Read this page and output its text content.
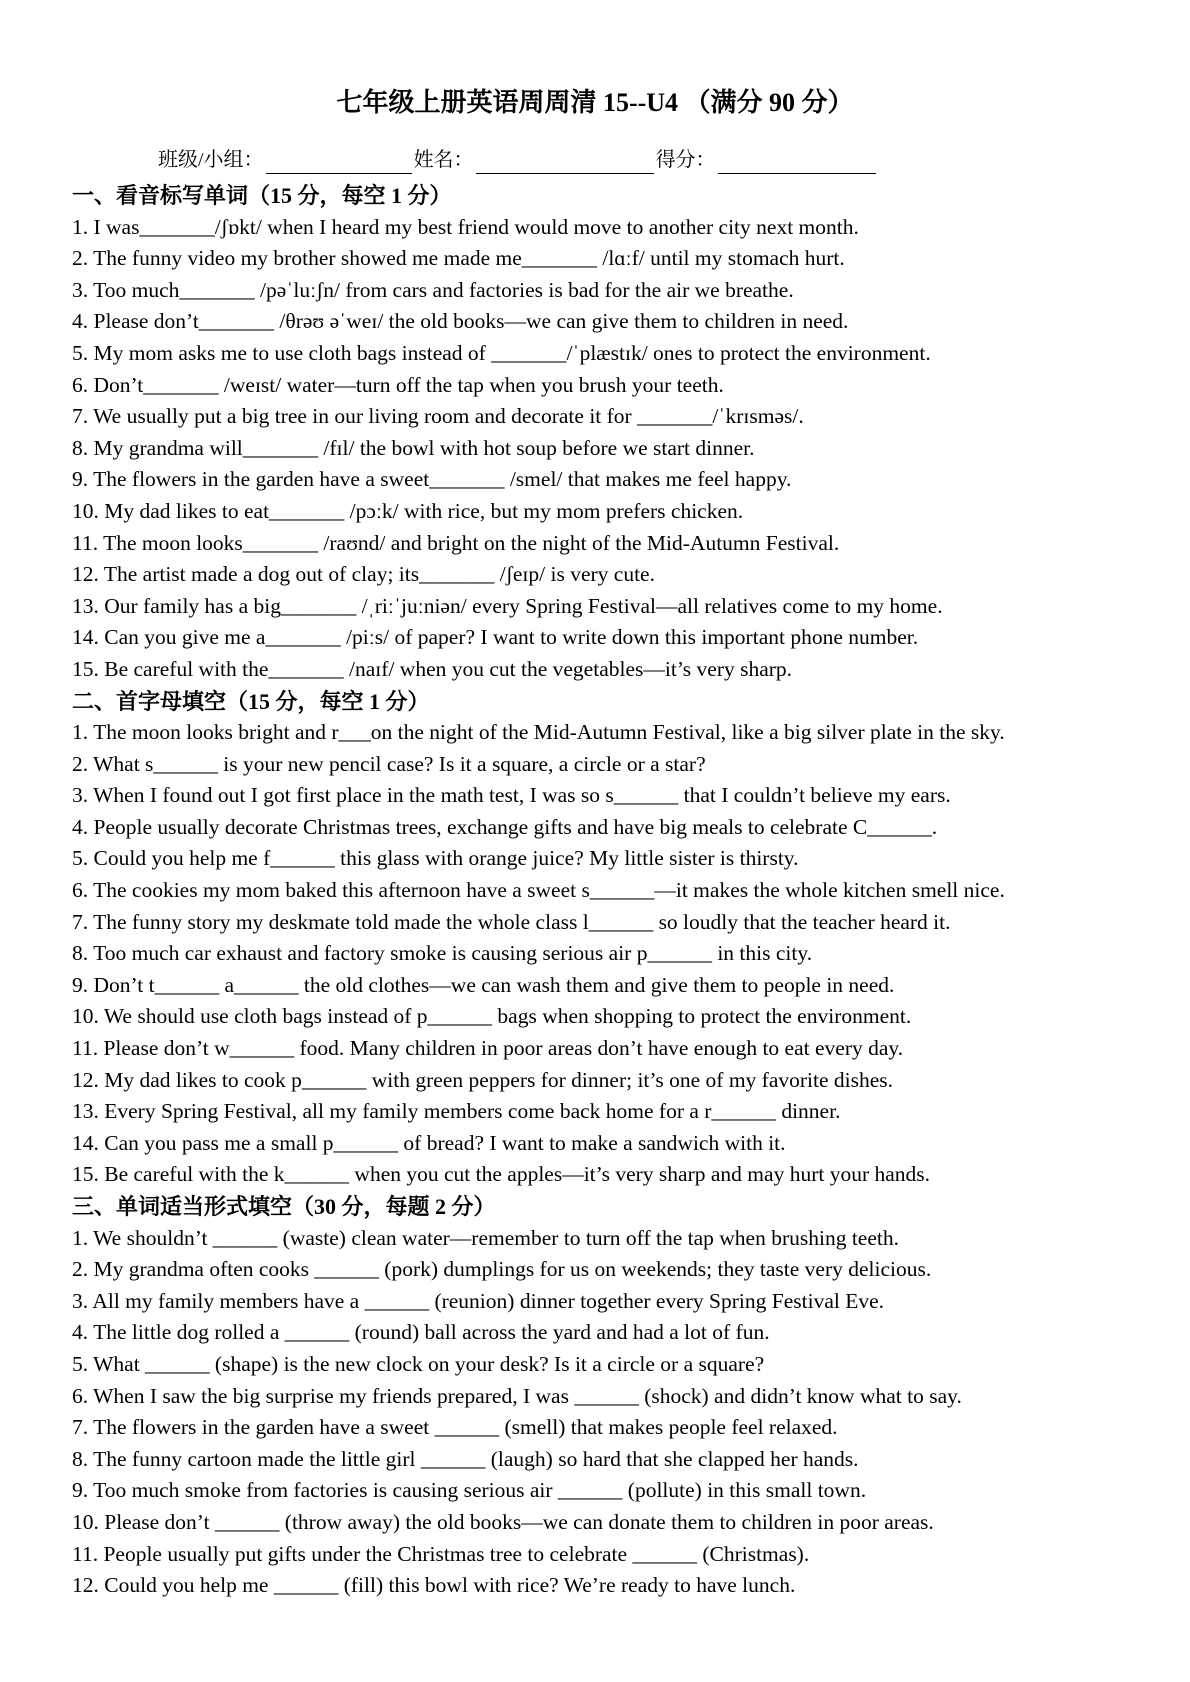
七年级上册英语周周清 15--U4 （满分 90 分）
班级/小组：	姓名：	得分：
一、看音标写单词（15 分，每空 1 分）
1. I was_______/ʃɒkt/ when I heard my best friend would move to another city next month.
2. The funny video my brother showed me made me_______ /lɑːf/ until my stomach hurt.
3. Too much_______ /pəˈluːʃn/ from cars and factories is bad for the air we breathe.
4. Please don’t_______ /θrəʊ əˈweɪ/ the old books—we can give them to children in need.
5. My mom asks me to use cloth bags instead of _______/ˈplæstɪk/ ones to protect the environment.
6. Don’t_______ /weɪst/ water—turn off the tap when you brush your teeth.
7. We usually put a big tree in our living room and decorate it for _______/ˈkrɪsməs/.
8. My grandma will_______ /fɪl/ the bowl with hot soup before we start dinner.
9. The flowers in the garden have a sweet_______ /smel/ that makes me feel happy.
10. My dad likes to eat_______ /pɔːk/ with rice, but my mom prefers chicken.
11. The moon looks_______ /raʊnd/ and bright on the night of the Mid-Autumn Festival.
12. The artist made a dog out of clay; its_______ /ʃeɪp/ is very cute.
13. Our family has a big_______ /ˌriːˈjuːniən/ every Spring Festival—all relatives come to my home.
14. Can you give me a_______ /piːs/ of paper? I want to write down this important phone number.
15. Be careful with the_______ /naɪf/ when you cut the vegetables—it’s very sharp.
二、首字母填空（15 分，每空 1 分）
1. The moon looks bright and r___on the night of the Mid-Autumn Festival, like a big silver plate in the sky.
2. What s______ is your new pencil case? Is it a square, a circle or a star?
3. When I found out I got first place in the math test, I was so s______ that I couldn’t believe my ears.
4. People usually decorate Christmas trees, exchange gifts and have big meals to celebrate C______.
5. Could you help me f______ this glass with orange juice? My little sister is thirsty.
6. The cookies my mom baked this afternoon have a sweet s______—it makes the whole kitchen smell nice.
7. The funny story my deskmate told made the whole class l______ so loudly that the teacher heard it.
8. Too much car exhaust and factory smoke is causing serious air p______ in this city.
9. Don’t t______ a______ the old clothes—we can wash them and give them to people in need.
10. We should use cloth bags instead of p______ bags when shopping to protect the environment.
11. Please don’t w______ food. Many children in poor areas don’t have enough to eat every day.
12. My dad likes to cook p______ with green peppers for dinner; it’s one of my favorite dishes.
13. Every Spring Festival, all my family members come back home for a r______ dinner.
14. Can you pass me a small p______ of bread? I want to make a sandwich with it.
15. Be careful with the k______ when you cut the apples—it’s very sharp and may hurt your hands.
三、单词适当形式填空（30 分，每题 2 分）
1. We shouldn’t ______ (waste) clean water—remember to turn off the tap when brushing teeth.
2. My grandma often cooks ______ (pork) dumplings for us on weekends; they taste very delicious.
3. All my family members have a ______ (reunion) dinner together every Spring Festival Eve.
4. The little dog rolled a ______ (round) ball across the yard and had a lot of fun.
5. What ______ (shape) is the new clock on your desk? Is it a circle or a square?
6. When I saw the big surprise my friends prepared, I was ______ (shock) and didn’t know what to say.
7. The flowers in the garden have a sweet ______ (smell) that makes people feel relaxed.
8. The funny cartoon made the little girl ______ (laugh) so hard that she clapped her hands.
9. Too much smoke from factories is causing serious air ______ (pollute) in this small town.
10. Please don’t ______ (throw away) the old books—we can donate them to children in poor areas.
11. People usually put gifts under the Christmas tree to celebrate ______ (Christmas).
12. Could you help me ______ (fill) this bowl with rice? We’re ready to have lunch.
